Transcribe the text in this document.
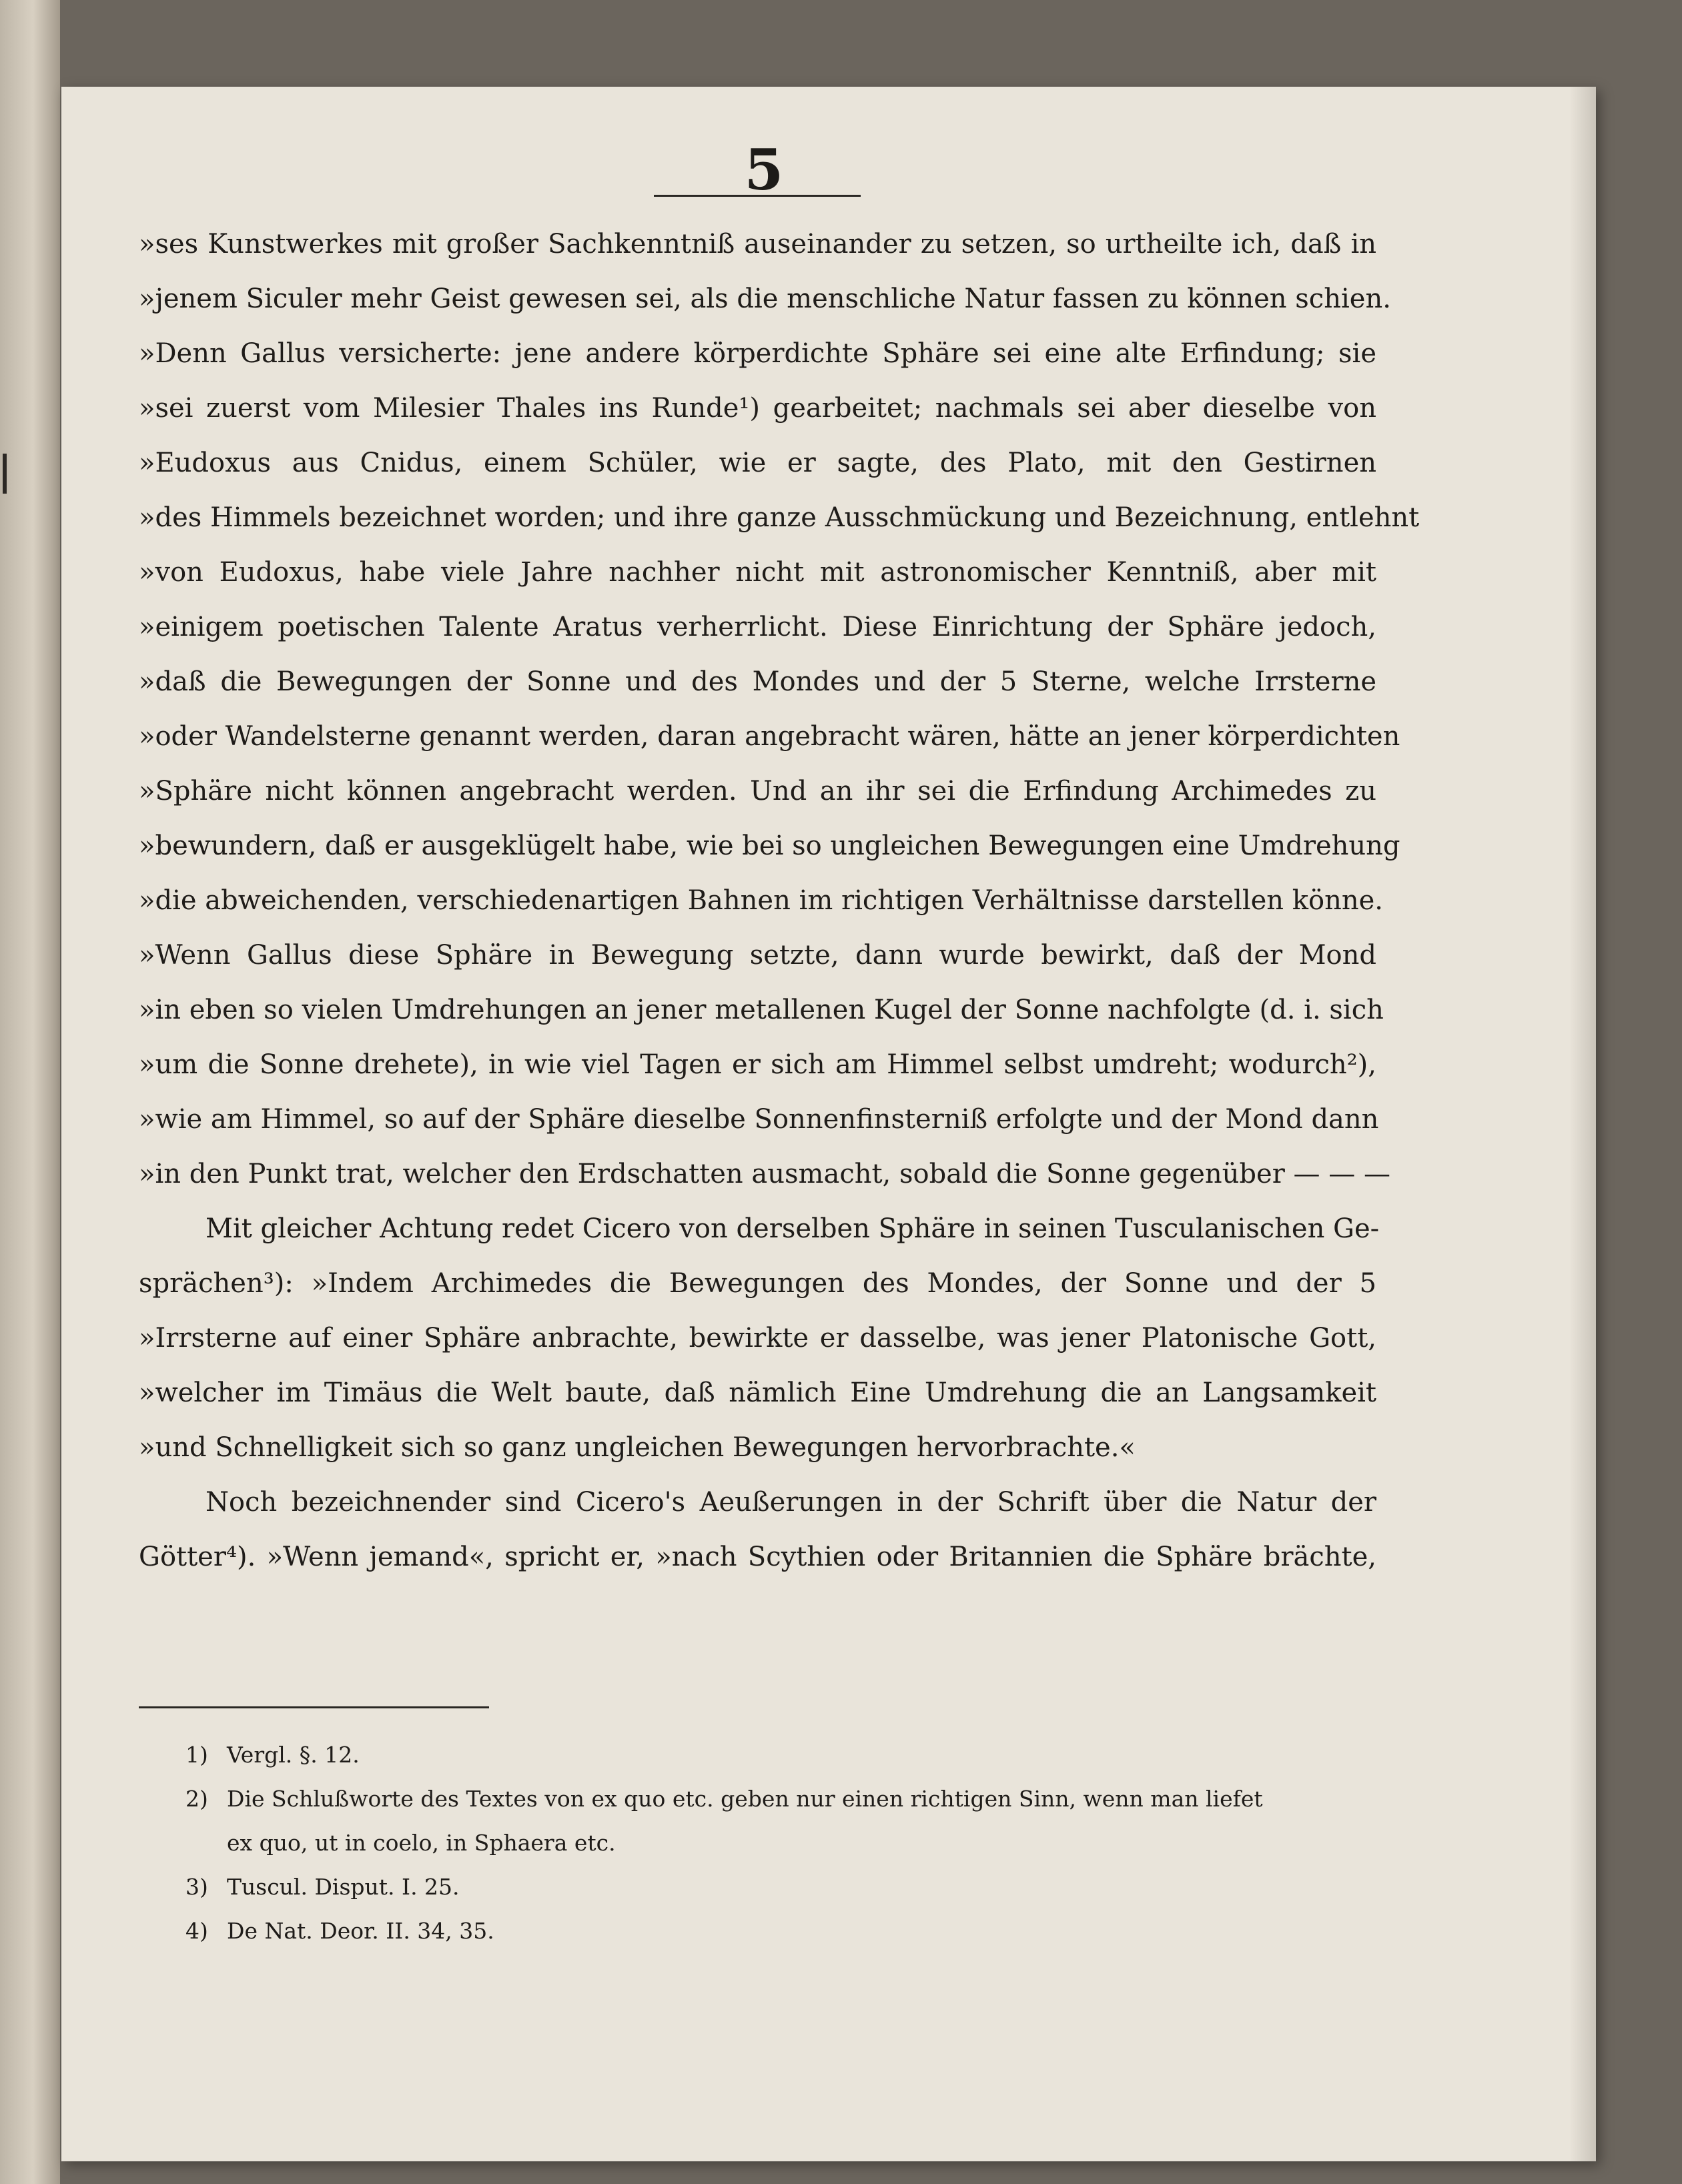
5
»ses Kunstwerkes mit großer Sachkenntniß auseinander zu setzen, so urtheilte ich, daß in
»jenem Siculer mehr Geist gewesen sei, als die menschliche Natur fassen zu können schien.
»Denn Gallus versicherte: jene andere körperdichte Sphäre sei eine alte Erfindung; sie
»sei zuerst vom Milesier Thales ins Runde¹) gearbeitet; nachmals sei aber dieselbe von
»Eudoxus aus Cnidus, einem Schüler, wie er sagte, des Plato, mit den Gestirnen
»des Himmels bezeichnet worden; und ihre ganze Ausschmückung und Bezeichnung, entlehnt
»von Eudoxus, habe viele Jahre nachher nicht mit astronomischer Kenntniß, aber mit
»einigem poetischen Talente Aratus verherrlicht. Diese Einrichtung der Sphäre jedoch,
»daß die Bewegungen der Sonne und des Mondes und der 5 Sterne, welche Irrsterne
»oder Wandelsterne genannt werden, daran angebracht wären, hätte an jener körperdichten
»Sphäre nicht können angebracht werden. Und an ihr sei die Erfindung Archimedes zu
»bewundern, daß er ausgeklügelt habe, wie bei so ungleichen Bewegungen eine Umdrehung
»die abweichenden, verschiedenartigen Bahnen im richtigen Verhältnisse darstellen könne.
»Wenn Gallus diese Sphäre in Bewegung setzte, dann wurde bewirkt, daß der Mond
»in eben so vielen Umdrehungen an jener metallenen Kugel der Sonne nachfolgte (d. i. sich
»um die Sonne drehete), in wie viel Tagen er sich am Himmel selbst umdreht; wodurch²),
»wie am Himmel, so auf der Sphäre dieselbe Sonnenfinsterniß erfolgte und der Mond dann
»in den Punkt trat, welcher den Erdschatten ausmacht, sobald die Sonne gegenüber — — —
Mit gleicher Achtung redet Cicero von derselben Sphäre in seinen Tusculanischen Ge-
sprächen³): »Indem Archimedes die Bewegungen des Mondes, der Sonne und der 5
»Irrsterne auf einer Sphäre anbrachte, bewirkte er dasselbe, was jener Platonische Gott,
»welcher im Timäus die Welt baute, daß nämlich Eine Umdrehung die an Langsamkeit
»und Schnelligkeit sich so ganz ungleichen Bewegungen hervorbrachte.«
Noch bezeichnender sind Cicero's Aeußerungen in der Schrift über die Natur der
Götter⁴). »Wenn jemand«, spricht er, »nach Scythien oder Britannien die Sphäre brächte,
1) Vergl. §. 12.
2) Die Schlußworte des Textes von ex quo etc. geben nur einen richtigen Sinn, wenn man liefet
ex quo, ut in coelo, in Sphaera etc.
3) Tuscul. Disput. I. 25.
4) De Nat. Deor. II. 34, 35.
